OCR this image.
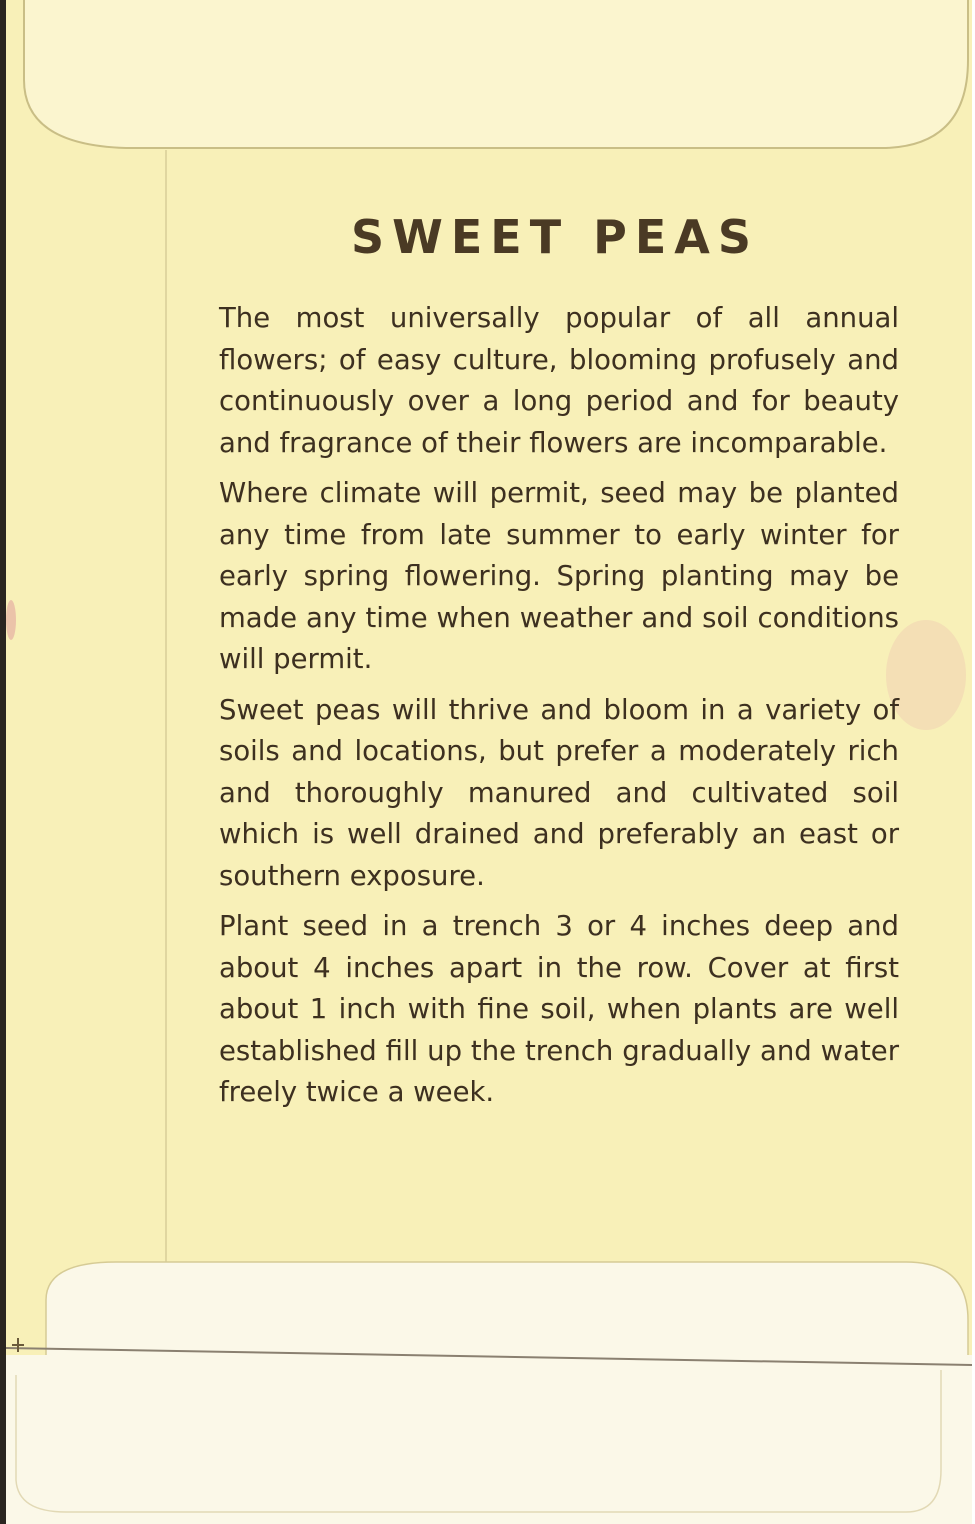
SWEET PEAS

The most universally popular of all annual flowers; of easy culture, blooming profusely and continuously over a long period and for beauty and fragrance of their flowers are incomparable.

Where climate will permit, seed may be planted any time from late summer to early winter for early spring flowering. Spring planting may be made any time when weather and soil conditions will permit.

Sweet peas will thrive and bloom in a variety of soils and locations, but prefer a moderately rich and thoroughly manured and cultivated soil which is well drained and preferably an east or southern exposure.

Plant seed in a trench 3 or 4 inches deep and about 4 inches apart in the row. Cover at first about 1 inch with fine soil, when plants are well established fill up the trench gradually and water freely twice a week.
